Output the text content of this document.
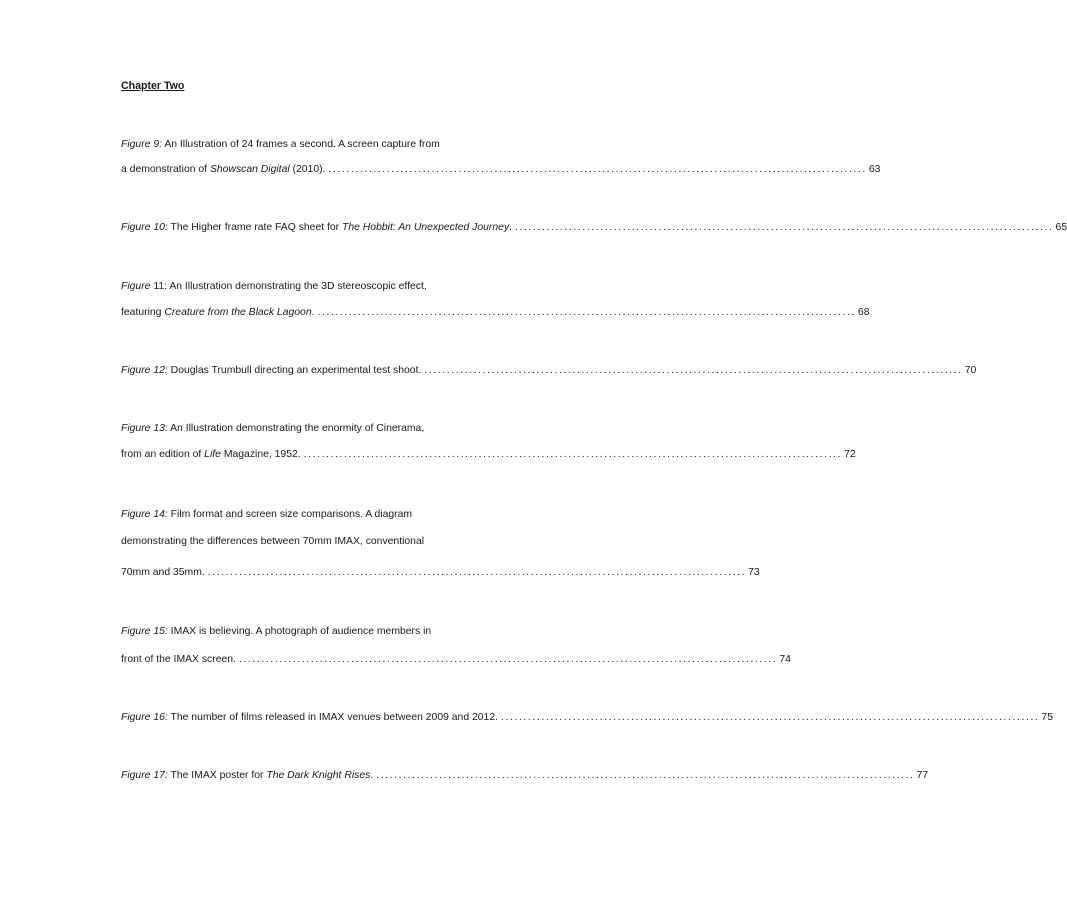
Chapter Two
Figure 9: An Illustration of 24 frames a second. A screen capture from
a demonstration of Showscan Digital (2010). ........................................................................................................................ 63
Figure 10: The Higher frame rate FAQ sheet for The Hobbit: An Unexpected Journey. ........................................................................................................................ 65
Figure 11: An Illustration demonstrating the 3D stereoscopic effect,
featuring Creature from the Black Lagoon. ........................................................................................................................ 68
Figure 12: Douglas Trumbull directing an experimental test shoot. ........................................................................................................................ 70
Figure 13: An Illustration demonstrating the enormity of Cinerama,
from an edition of Life Magazine, 1952. ........................................................................................................................ 72
Figure 14: Film format and screen size comparisons. A diagram
demonstrating the differences between 70mm IMAX, conventional
70mm and 35mm. ........................................................................................................................ 73
Figure 15: IMAX is believing. A photograph of audience members in
front of the IMAX screen. ........................................................................................................................ 74
Figure 16: The number of films released in IMAX venues between 2009 and 2012. ........................................................................................................................ 75
Figure 17: The IMAX poster for The Dark Knight Rises. ........................................................................................................................ 77
